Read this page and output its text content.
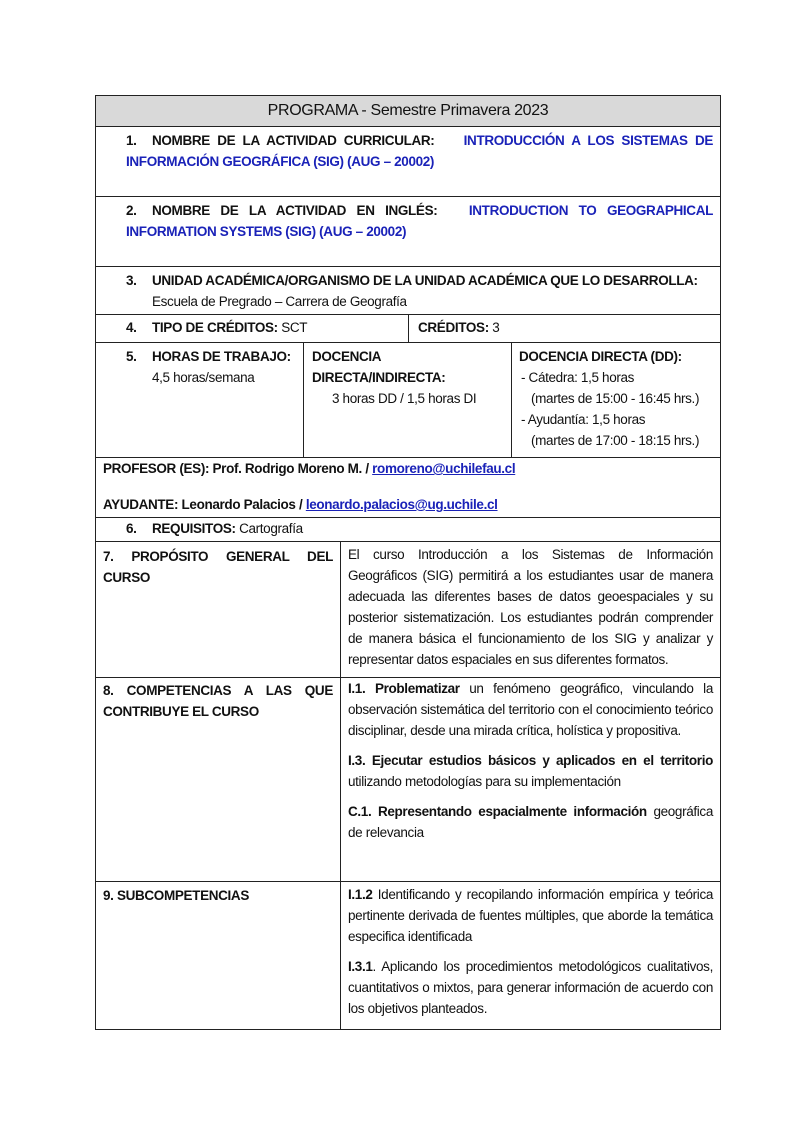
PROGRAMA - Semestre Primavera 2023
1. NOMBRE DE LA ACTIVIDAD CURRICULAR: INTRODUCCIÓN A LOS SISTEMAS DE INFORMACIÓN GEOGRÁFICA (SIG) (AUG – 20002)
2. NOMBRE DE LA ACTIVIDAD EN INGLÉS: INTRODUCTION TO GEOGRAPHICAL INFORMATION SYSTEMS (SIG) (AUG – 20002)
3. UNIDAD ACADÉMICA/ORGANISMO DE LA UNIDAD ACADÉMICA QUE LO DESARROLLA:
Escuela de Pregrado – Carrera de Geografía
4. TIPO DE CRÉDITOS: SCT	CRÉDITOS: 3
5. HORAS DE TRABAJO:
4,5 horas/semana

DOCENCIA DIRECTA/INDIRECTA:

3 horas DD / 1,5 horas DI

DOCENCIA DIRECTA (DD):

- Cátedra: 1,5 horas

(martes de 15:00 - 16:45 hrs.)

- Ayudantía: 1,5 horas

(martes de 17:00 - 18:15 hrs.)

PROFESOR (ES): Prof. Rodrigo Moreno M. / romoreno@uchilefau.cl

AYUDANTE: Leonardo Palacios / leonardo.palacios@ug.uchile.cl

6. REQUISITOS: Cartografía
7. PROPÓSITO GENERAL DEL CURSO
El curso Introducción a los Sistemas de Información Geográficos (SIG) permitirá a los estudiantes usar de manera adecuada las diferentes bases de datos geoespaciales y su posterior sistematización. Los estudiantes podrán comprender de manera básica el funcionamiento de los SIG y analizar y representar datos espaciales en sus diferentes formatos.
8. COMPETENCIAS A LAS QUE CONTRIBUYE EL CURSO

I.1. Problematizar un fenómeno geográfico, vinculando la observación sistemática del territorio con el conocimiento teórico disciplinar, desde una mirada crítica, holística y propositiva.

I.3. Ejecutar estudios básicos y aplicados en el territorio utilizando metodologías para su implementación

C.1. Representando espacialmente información geográfica de relevancia

9. SUBCOMPETENCIAS	I.1.2 Identificando y recopilando información empírica y teórica pertinente derivada de fuentes múltiples, que aborde la temática especifica identificada

I.3.1. Aplicando los procedimientos metodológicos cualitativos, cuantitativos o mixtos, para generar información de acuerdo con los objetivos planteados.
